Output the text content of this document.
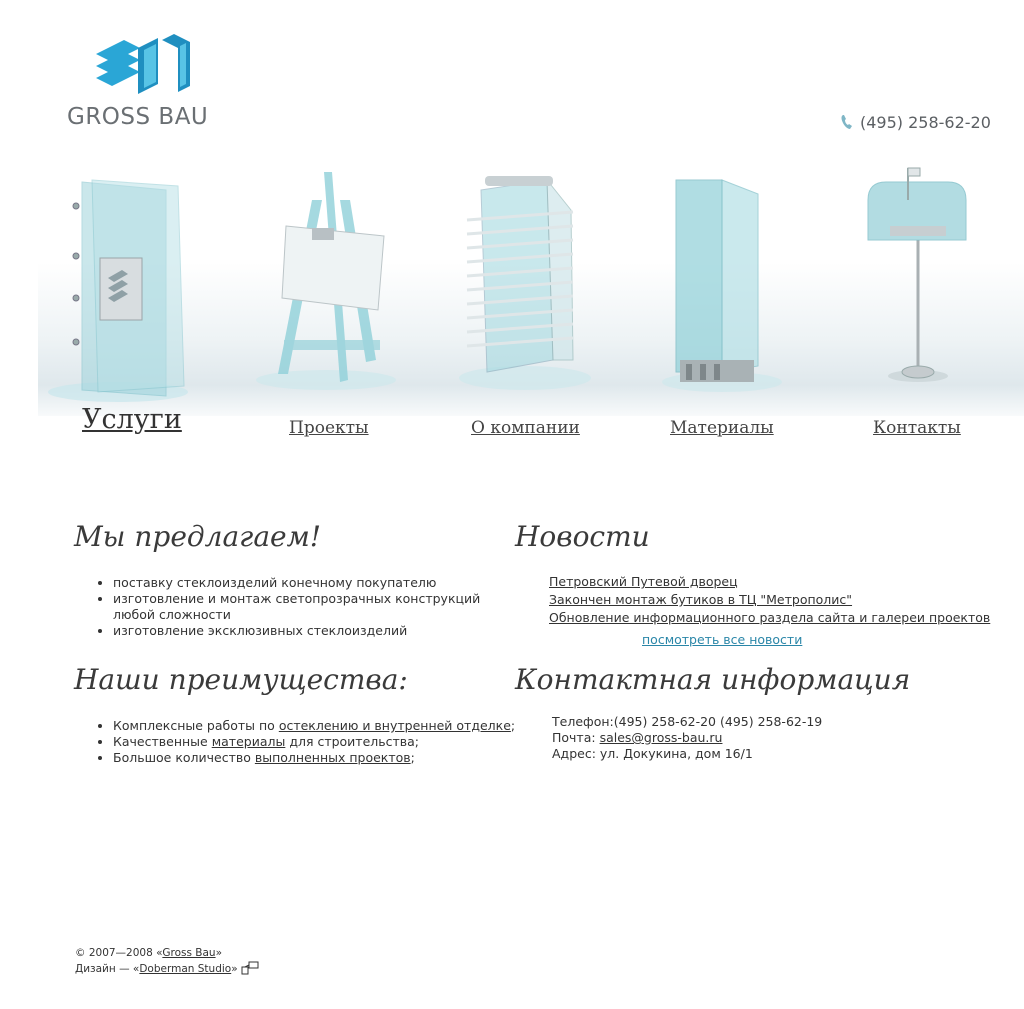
GROSS BAU	(495) 258-62-20
Услуги	Проекты	О компании	Материалы	Контакты
Мы предлагаем!
• поставку стеклоизделий конечному покупателю
• изготовление и монтаж светопрозрачных конструкций любой сложности
• изготовление эксклюзивных стеклоизделий
Наши преимущества:
• Комплексные работы по остеклению и внутренней отделке;
• Качественные материалы для строительства;
• Большое количество выполненных проектов;
Новости
Петровский Путевой дворец
Закончен монтаж бутиков в ТЦ "Метрополис"
Обновление информационного раздела сайта и галереи проектов
посмотреть все новости
Контактная информация
Телефон:(495) 258-62-20 (495) 258-62-19
Почта: sales@gross-bau.ru
Адрес: ул. Докукина, дом 16/1
© 2007—2008 «Gross Bau»
Дизайн — «Doberman Studio»
